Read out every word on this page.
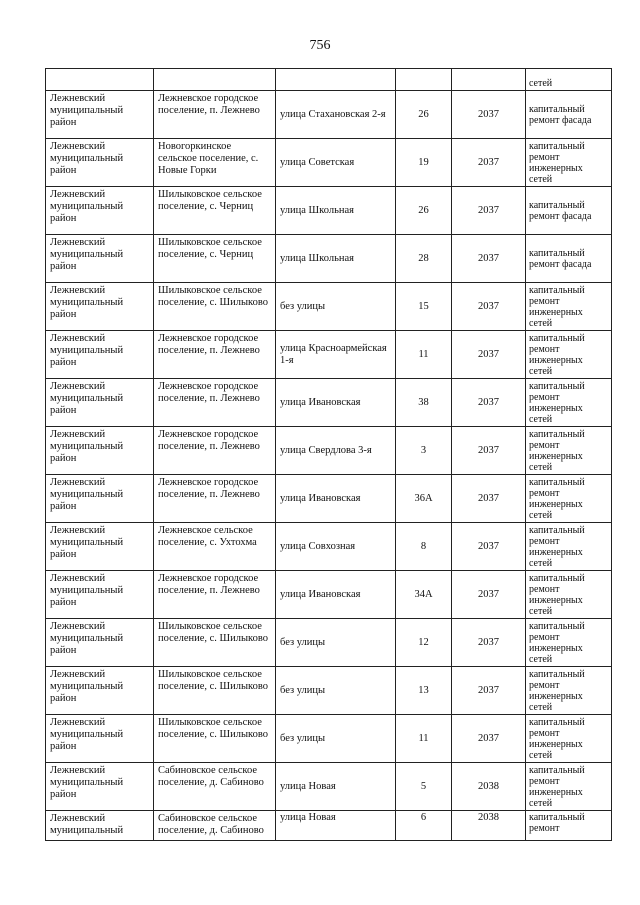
756
					сетей
Лежневский муниципальный район	Лежневское городское поселение, п. Лежнево	улица Стахановская 2-я	26	2037	капитальный ремонт фасада
Лежневский муниципальный район	Новогоркинское сельское поселение, с. Новые Горки	улица Советская	19	2037	капитальный ремонт инженерных сетей
Лежневский муниципальный район	Шилыковское сельское поселение, с. Черниц	улица Школьная	26	2037	капитальный ремонт фасада
Лежневский муниципальный район	Шилыковское сельское поселение, с. Черниц	улица Школьная	28	2037	капитальный ремонт фасада
Лежневский муниципальный район	Шилыковское сельское поселение, с. Шилыково	без улицы	15	2037	капитальный ремонт инженерных сетей
Лежневский муниципальный район	Лежневское городское поселение, п. Лежнево	улица Красноармейская 1-я	11	2037	капитальный ремонт инженерных сетей
Лежневский муниципальный район	Лежневское городское поселение, п. Лежнево	улица Ивановская	38	2037	капитальный ремонт инженерных сетей
Лежневский муниципальный район	Лежневское городское поселение, п. Лежнево	улица Свердлова 3-я	3	2037	капитальный ремонт инженерных сетей
Лежневский муниципальный район	Лежневское городское поселение, п. Лежнево	улица Ивановская	36А	2037	капитальный ремонт инженерных сетей
Лежневский муниципальный район	Лежневское сельское поселение, с. Ухтохма	улица Совхозная	8	2037	капитальный ремонт инженерных сетей
Лежневский муниципальный район	Лежневское городское поселение, п. Лежнево	улица Ивановская	34А	2037	капитальный ремонт инженерных сетей
Лежневский муниципальный район	Шилыковское сельское поселение, с. Шилыково	без улицы	12	2037	капитальный ремонт инженерных сетей
Лежневский муниципальный район	Шилыковское сельское поселение, с. Шилыково	без улицы	13	2037	капитальный ремонт инженерных сетей
Лежневский муниципальный район	Шилыковское сельское поселение, с. Шилыково	без улицы	11	2037	капитальный ремонт инженерных сетей
Лежневский муниципальный район	Сабиновское сельское поселение, д. Сабиново	улица Новая	5	2038	капитальный ремонт инженерных сетей
Лежневский муниципальный	Сабиновское сельское поселение, д. Сабиново	улица Новая	6	2038	капитальный ремонт
